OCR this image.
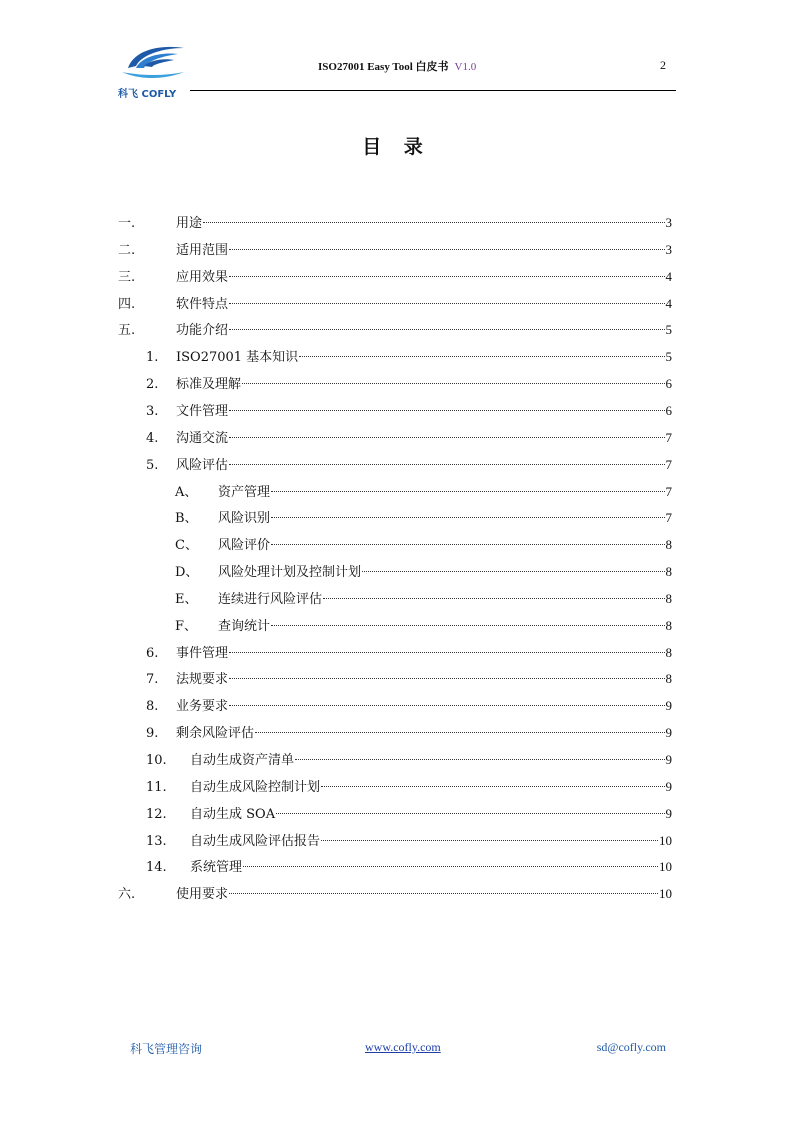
科飞 COFLY
ISO27001 Easy Tool 白皮书 V1.0	2
目 录
一.	用途	3
二.	适用范围	3
三.	应用效果	4
四.	软件特点	4
五.	功能介绍	5
1.	ISO27001 基本知识	5
2.	标准及理解	6
3.	文件管理	6
4.	沟通交流	7
5.	风险评估	7
A、	资产管理	7
B、	风险识别	7
C、	风险评价	8
D、	风险处理计划及控制计划	8
E、	连续进行风险评估	8
F、	查询统计	8
6.	事件管理	8
7.	法规要求	8
8.	业务要求	9
9.	剩余风险评估	9
10.	自动生成资产清单	9
11.	自动生成风险控制计划	9
12.	自动生成 SOA	9
13.	自动生成风险评估报告	10
14.	系统管理	10
六.	使用要求	10
科飞管理咨询	www.cofly.com	sd@cofly.com
